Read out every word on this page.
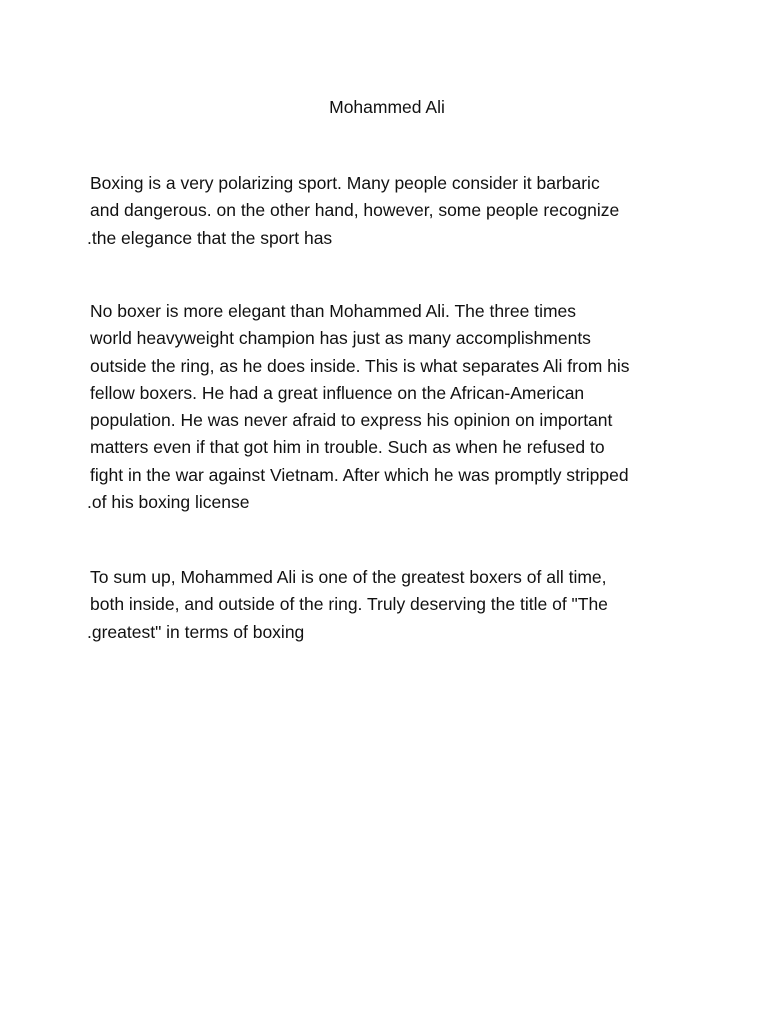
Mohammed Ali

Boxing is a very polarizing sport. Many people consider it barbaric
and dangerous. on the other hand, however, some people recognize
.the elegance that the sport has

No boxer is more elegant than Mohammed Ali. The three times
world heavyweight champion has just as many accomplishments
outside the ring, as he does inside. This is what separates Ali from his
fellow boxers. He had a great influence on the African-American
population. He was never afraid to express his opinion on important
matters even if that got him in trouble. Such as when he refused to
fight in the war against Vietnam. After which he was promptly stripped
.of his boxing license

To sum up, Mohammed Ali is one of the greatest boxers of all time,
both inside, and outside of the ring. Truly deserving the title of "The
.greatest" in terms of boxing
